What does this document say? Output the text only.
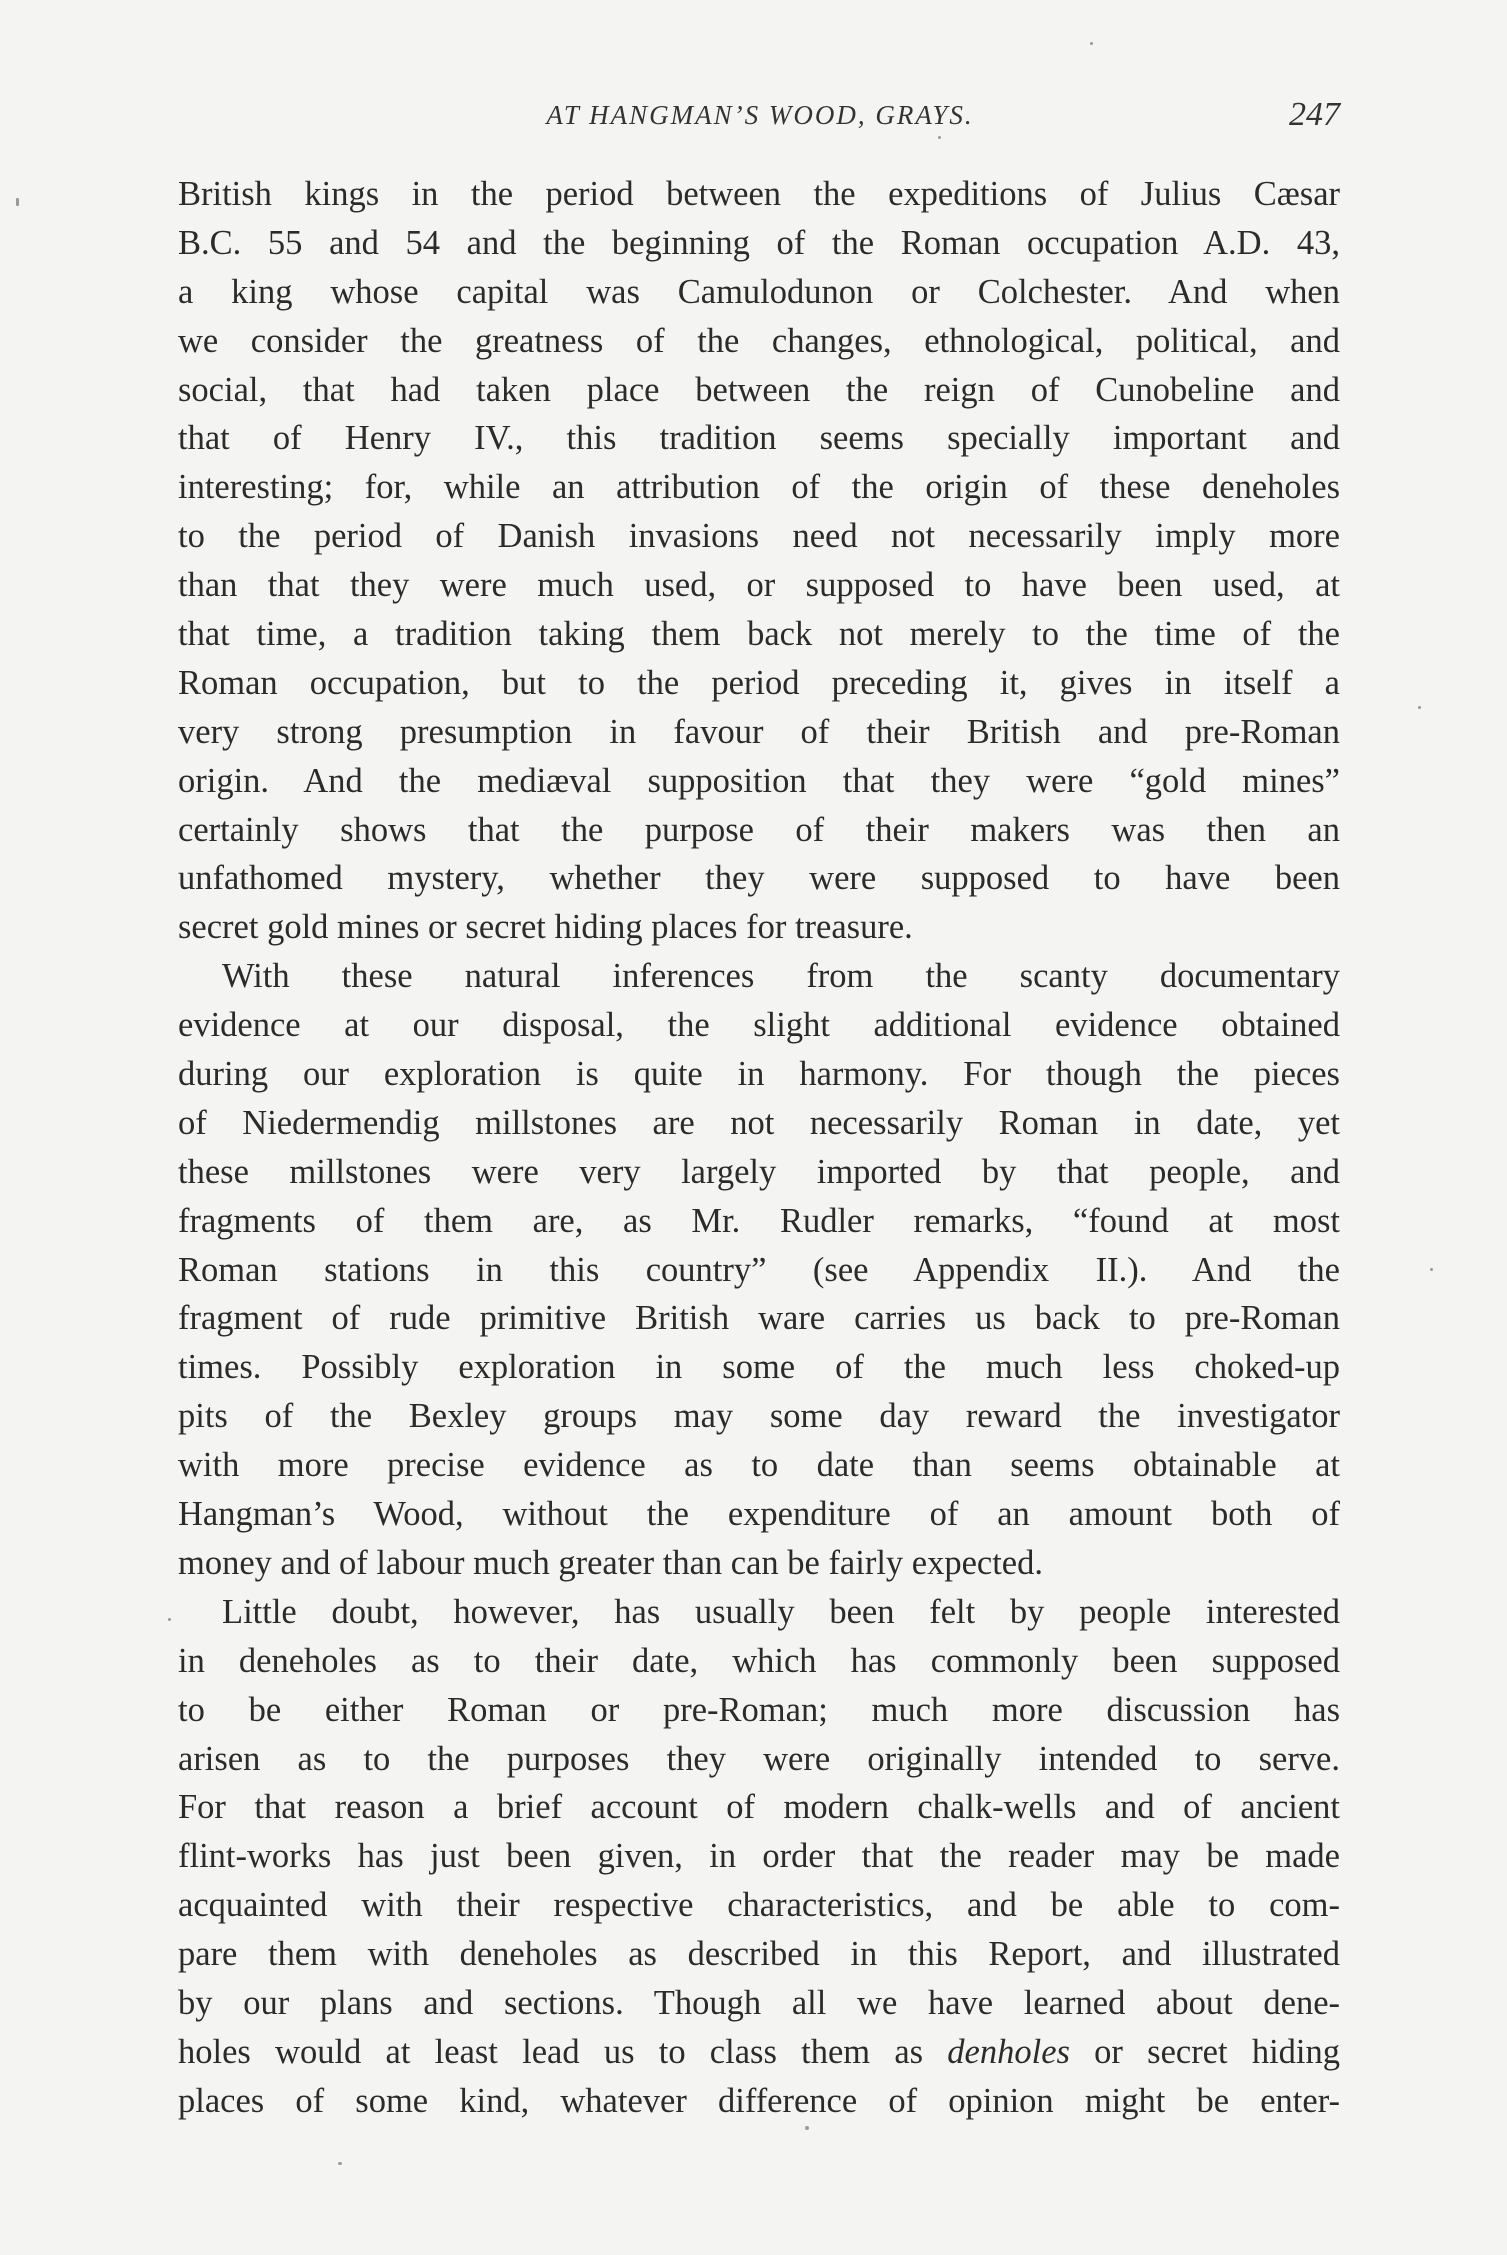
AT HANGMAN’S WOOD, GRAYS.	247
British kings in the period between the expeditions of Julius Cæsar
B.C. 55 and 54 and the beginning of the Roman occupation A.D. 43,
a king whose capital was Camulodunon or Colchester. And when
we consider the greatness of the changes, ethnological, political, and
social, that had taken place between the reign of Cunobeline and
that of Henry IV., this tradition seems specially important and
interesting; for, while an attribution of the origin of these deneholes
to the period of Danish invasions need not necessarily imply more
than that they were much used, or supposed to have been used, at
that time, a tradition taking them back not merely to the time of the
Roman occupation, but to the period preceding it, gives in itself a
very strong presumption in favour of their British and pre-Roman
origin. And the mediæval supposition that they were “gold mines”
certainly shows that the purpose of their makers was then an
unfathomed mystery, whether they were supposed to have been
secret gold mines or secret hiding places for treasure.
With these natural inferences from the scanty documentary
evidence at our disposal, the slight additional evidence obtained
during our exploration is quite in harmony. For though the pieces
of Niedermendig millstones are not necessarily Roman in date, yet
these millstones were very largely imported by that people, and
fragments of them are, as Mr. Rudler remarks, “found at most
Roman stations in this country” (see Appendix II.). And the
fragment of rude primitive British ware carries us back to pre-Roman
times. Possibly exploration in some of the much less choked-up
pits of the Bexley groups may some day reward the investigator
with more precise evidence as to date than seems obtainable at
Hangman’s Wood, without the expenditure of an amount both of
money and of labour much greater than can be fairly expected.
Little doubt, however, has usually been felt by people interested
in deneholes as to their date, which has commonly been supposed
to be either Roman or pre-Roman; much more discussion has
arisen as to the purposes they were originally intended to serve.
For that reason a brief account of modern chalk-wells and of ancient
flint-works has just been given, in order that the reader may be made
acquainted with their respective characteristics, and be able to com-
pare them with deneholes as described in this Report, and illustrated
by our plans and sections. Though all we have learned about dene-
holes would at least lead us to class them as denholes or secret hiding
places of some kind, whatever difference of opinion might be enter-
